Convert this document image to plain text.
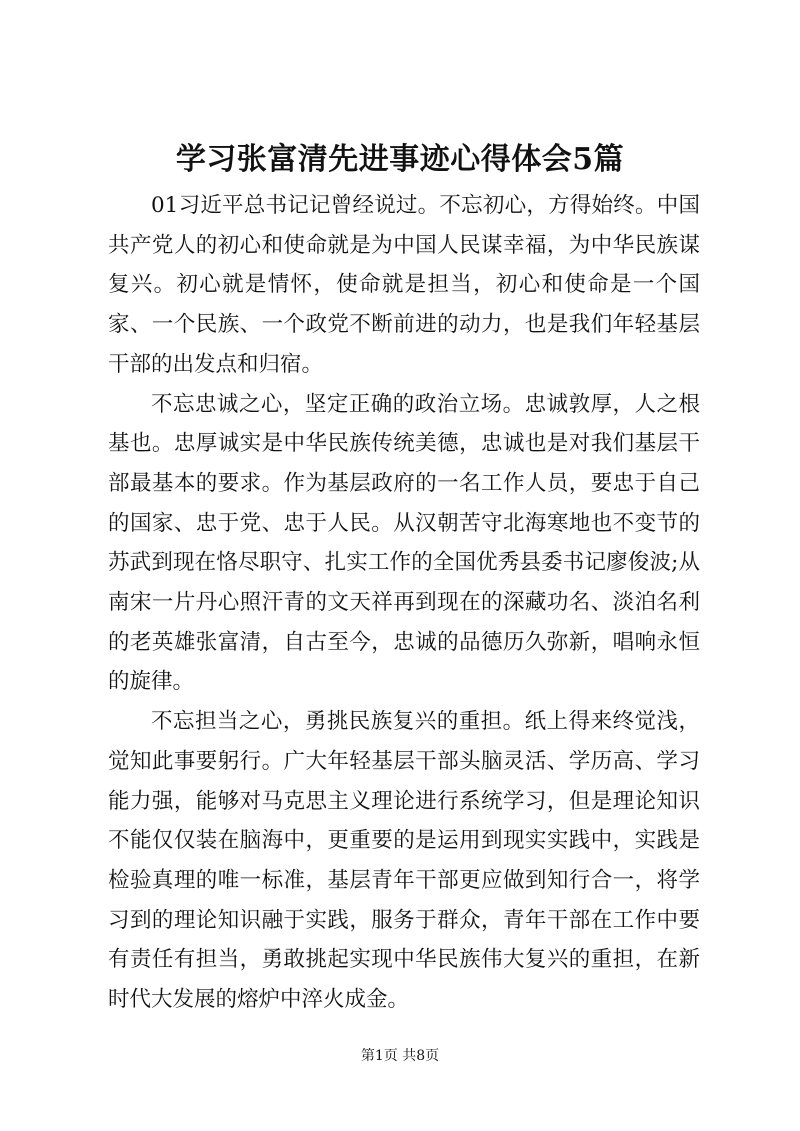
学习张富清先进事迹心得体会5篇

01习近平总书记记曾经说过。不忘初心，方得始终。中国共产党人的初心和使命就是为中国人民谋幸福，为中华民族谋复兴。初心就是情怀，使命就是担当，初心和使命是一个国家、一个民族、一个政党不断前进的动力，也是我们年轻基层干部的出发点和归宿。

不忘忠诚之心，坚定正确的政治立场。忠诚敦厚，人之根基也。忠厚诚实是中华民族传统美德，忠诚也是对我们基层干部最基本的要求。作为基层政府的一名工作人员，要忠于自己的国家、忠于党、忠于人民。从汉朝苦守北海寒地也不变节的苏武到现在恪尽职守、扎实工作的全国优秀县委书记廖俊波;从南宋一片丹心照汗青的文天祥再到现在的深藏功名、淡泊名利的老英雄张富清，自古至今，忠诚的品德历久弥新，唱响永恒的旋律。

不忘担当之心，勇挑民族复兴的重担。纸上得来终觉浅，觉知此事要躬行。广大年轻基层干部头脑灵活、学历高、学习能力强，能够对马克思主义理论进行系统学习，但是理论知识不能仅仅装在脑海中，更重要的是运用到现实实践中，实践是检验真理的唯一标准，基层青年干部更应做到知行合一，将学习到的理论知识融于实践，服务于群众，青年干部在工作中要有责任有担当，勇敢挑起实现中华民族伟大复兴的重担，在新时代大发展的熔炉中淬火成金。

第1页 共8页
